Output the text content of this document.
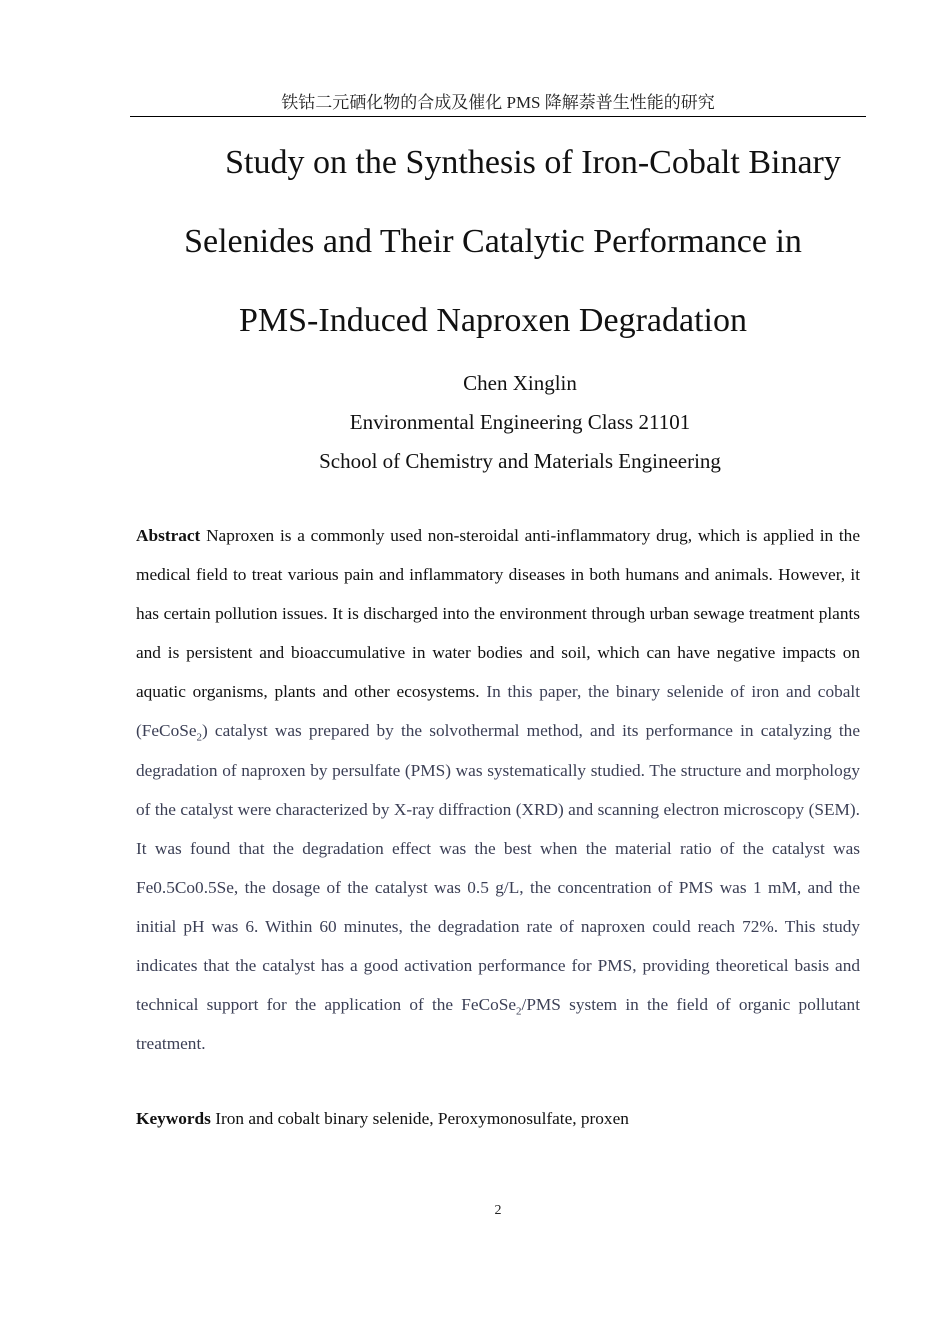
铁钴二元硒化物的合成及催化 PMS 降解萘普生性能的研究
Study on the Synthesis of Iron-Cobalt Binary
Selenides and Their Catalytic Performance in
PMS-Induced Naproxen Degradation
Chen Xinglin
Environmental Engineering Class 21101
School of Chemistry and Materials Engineering
Abstract Naproxen is a commonly used non-steroidal anti-inflammatory drug, which is applied in the medical field to treat various pain and inflammatory diseases in both humans and animals. However, it has certain pollution issues. It is discharged into the environment through urban sewage treatment plants and is persistent and bioaccumulative in water bodies and soil, which can have negative impacts on aquatic organisms, plants and other ecosystems. In this paper, the binary selenide of iron and cobalt (FeCoSe$_2$) catalyst was prepared by the solvothermal method, and its performance in catalyzing the degradation of naproxen by persulfate (PMS) was systematically studied. The structure and morphology of the catalyst were characterized by X-ray diffraction (XRD) and scanning electron microscopy (SEM). It was found that the degradation effect was the best when the material ratio of the catalyst was Fe0.5Co0.5Se, the dosage of the catalyst was 0.5 g/L, the concentration of PMS was 1 mM, and the initial pH was 6. Within 60 minutes, the degradation rate of naproxen could reach 72%. This study indicates that the catalyst has a good activation performance for PMS, providing theoretical basis and technical support for the application of the FeCoSe$_2$/PMS system in the field of organic pollutant treatment.
Keywords Iron and cobalt binary selenide, Peroxymonosulfate, proxen
2
